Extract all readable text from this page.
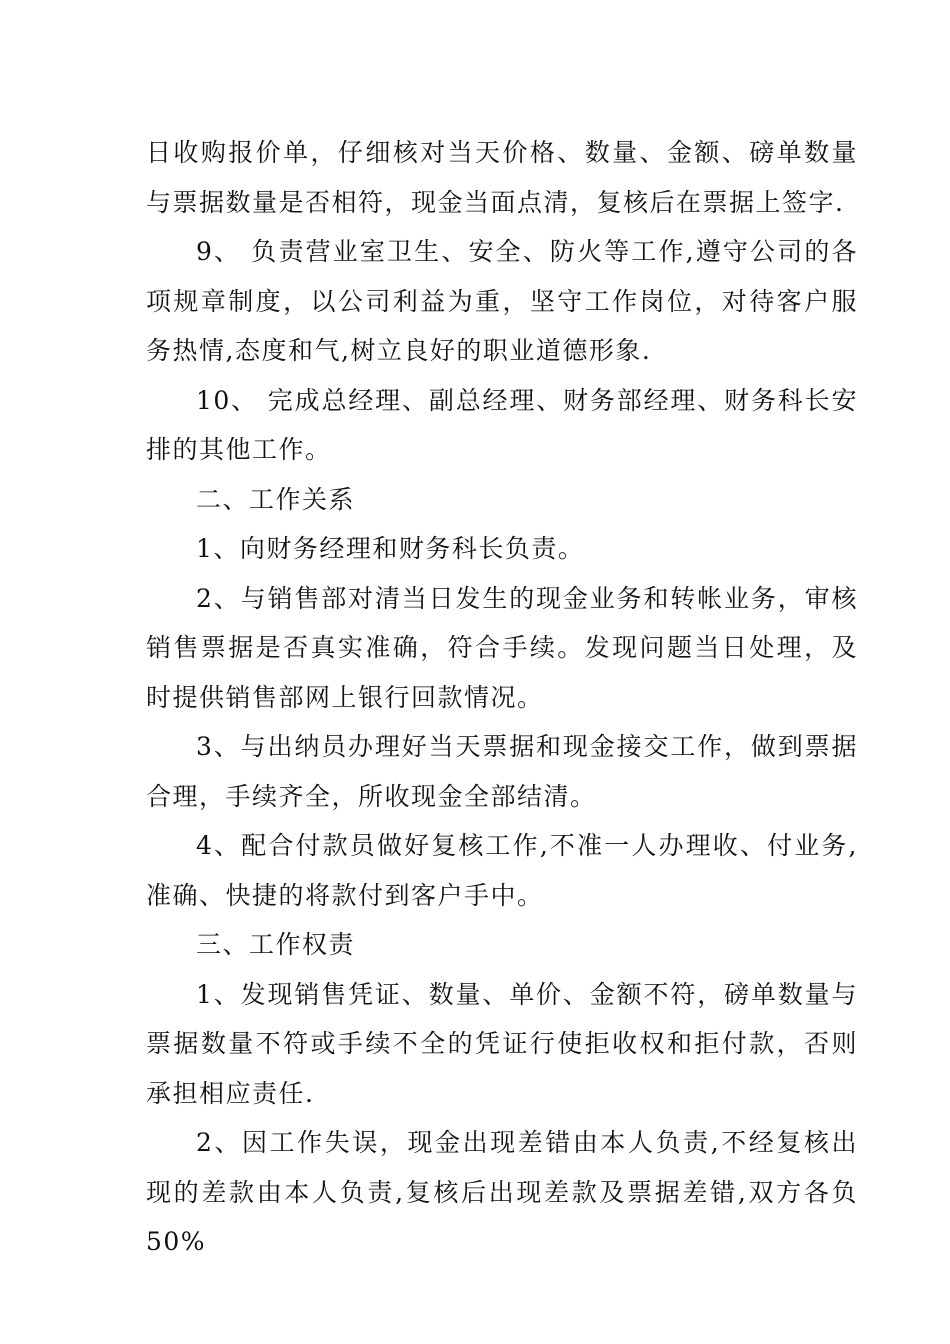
日收购报价单，仔细核对当天价格、数量、金额、磅单数量与票据数量是否相符，现金当面点清，复核后在票据上签字.

9、 负责营业室卫生、安全、防火等工作,遵守公司的各项规章制度，以公司利益为重，坚守工作岗位，对待客户服务热情,态度和气,树立良好的职业道德形象.

10、 完成总经理、副总经理、财务部经理、财务科长安排的其他工作。

二、工作关系

1、向财务经理和财务科长负责。

2、与销售部对清当日发生的现金业务和转帐业务，审核销售票据是否真实准确，符合手续。发现问题当日处理，及时提供销售部网上银行回款情况。

3、与出纳员办理好当天票据和现金接交工作，做到票据合理，手续齐全，所收现金全部结清。

4、配合付款员做好复核工作,不准一人办理收、付业务,准确、快捷的将款付到客户手中。

三、工作权责

1、发现销售凭证、数量、单价、金额不符，磅单数量与票据数量不符或手续不全的凭证行使拒收权和拒付款，否则承担相应责任.

2、因工作失误，现金出现差错由本人负责,不经复核出现的差款由本人负责,复核后出现差款及票据差错,双方各负50%
